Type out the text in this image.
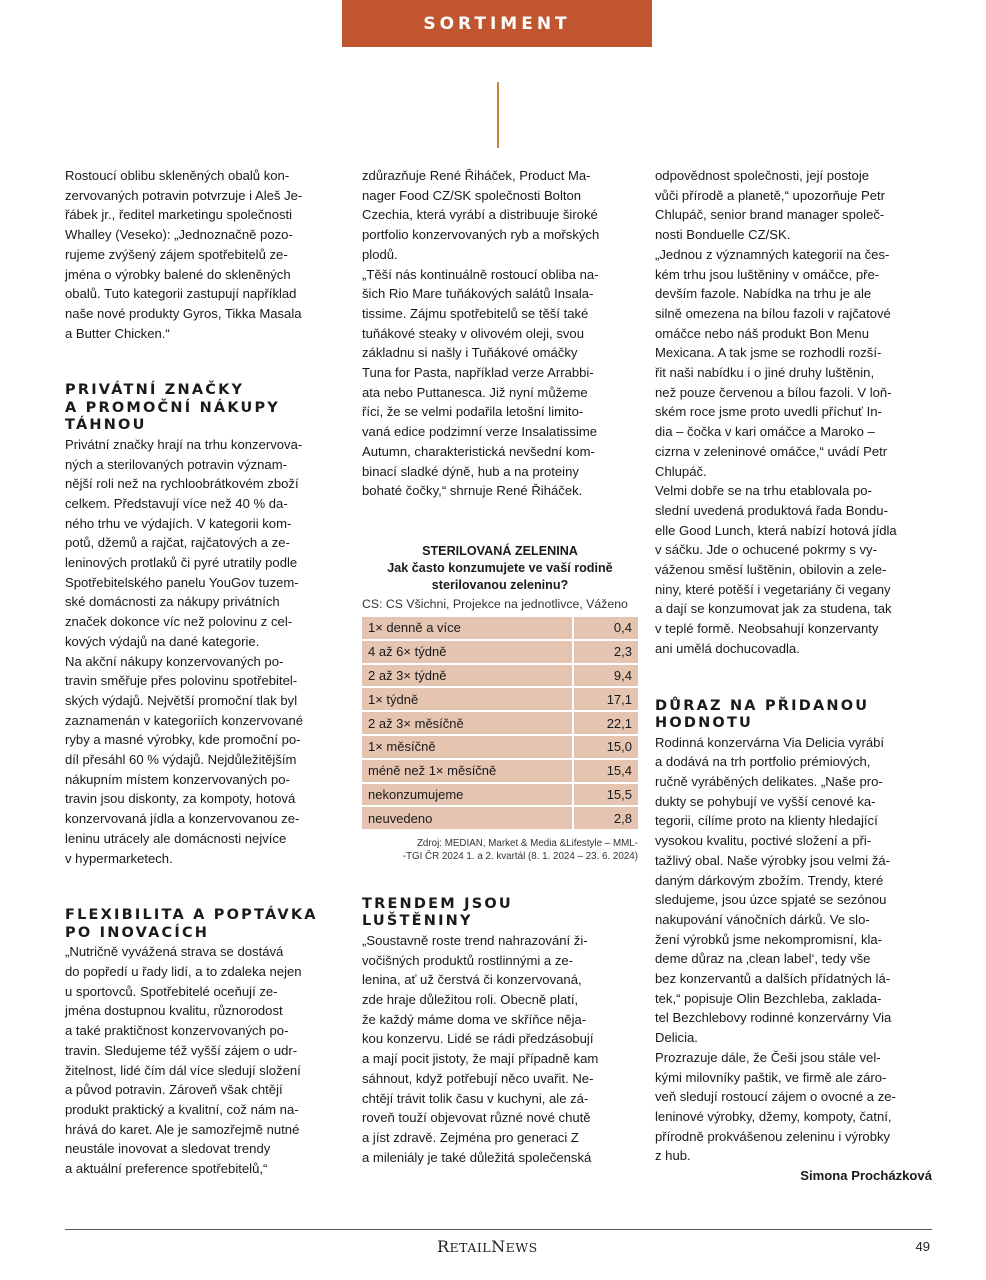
SORTIMENT
Rostoucí oblibu skleněných obalů kon-
zervovaných potravin potvrzuje i Aleš Je-
řábek jr., ředitel marketingu společnosti
Whalley (Veseko): „Jednoznačně pozo-
rujeme zvýšený zájem spotřebitelů ze-
jména o výrobky balené do skleněných
obalů. Tuto kategorii zastupují například
naše nové produkty Gyros, Tikka Masala
a Butter Chicken.“
PRIVÁTNÍ ZNAČKY
A PROMOČNÍ NÁKUPY
TÁHNOU
Privátní značky hrají na trhu konzervova-
ných a sterilovaných potravin význam-
nější roli než na rychloobrátkovém zboží
celkem. Představují více než 40 % da-
ného trhu ve výdajích. V kategorii kom-
potů, džemů a rajčat, rajčatových a ze-
leninových protlaků či pyré utratily podle
Spotřebitelského panelu YouGov tuzem-
ské domácnosti za nákupy privátních
značek dokonce víc než polovinu z cel-
kových výdajů na dané kategorie.
Na akční nákupy konzervovaných po-
travin směřuje přes polovinu spotřebitel-
ských výdajů. Největší promoční tlak byl
zaznamenán v kategoriích konzervované
ryby a masné výrobky, kde promoční po-
díl přesáhl 60 % výdajů. Nejdůležitějším
nákupním místem konzervovaných po-
travin jsou diskonty, za kompoty, hotová
konzervovaná jídla a konzervovanou ze-
leninu utrácely ale domácnosti nejvíce
v hypermarketech.
FLEXIBILITA A POPTÁVKA
PO INOVACÍCH
„Nutričně vyvážená strava se dostává
do popředí u řady lidí, a to zdaleka nejen
u sportovců. Spotřebitelé oceňují ze-
jména dostupnou kvalitu, různorodost
a také praktičnost konzervovaných po-
travin. Sledujeme též vyšší zájem o udr-
žitelnost, lidé čím dál více sledují složení
a původ potravin. Zároveň však chtějí
produkt praktický a kvalitní, což nám na-
hrává do karet. Ale je samozřejmě nutné
neustále inovovat a sledovat trendy
a aktuální preference spotřebitelů,“
zdůrazňuje René Řiháček, Product Ma-
nager Food CZ/SK společnosti Bolton
Czechia, která vyrábí a distribuuje široké
portfolio konzervovaných ryb a mořských
plodů.
„Těší nás kontinuálně rostoucí obliba na-
šich Rio Mare tuňákových salátů Insala-
tissime. Zájmu spotřebitelů se těší také
tuňákové steaky v olivovém oleji, svou
základnu si našly i Tuňákové omáčky
Tuna for Pasta, například verze Arrabbi-
ata nebo Puttanesca. Již nyní můžeme
říci, že se velmi podařila letošní limito-
vaná edice podzimní verze Insalatissime
Autumn, charakteristická nevšední kom-
binací sladké dýně, hub a na proteiny
bohaté čočky,“ shrnuje René Řiháček.
TRENDEM JSOU
LUŠTĚNINY
„Soustavně roste trend nahrazování ži-
vočišných produktů rostlinnými a ze-
lenina, ať už čerstvá či konzervovaná,
zde hraje důležitou roli. Obecně platí,
že každý máme doma ve skříňce něja-
kou konzervu. Lidé se rádi předzásobují
a mají pocit jistoty, že mají případně kam
sáhnout, když potřebují něco uvařit. Ne-
chtějí trávit tolik času v kuchyni, ale zá-
roveň touží objevovat různé nové chutě
a jíst zdravě. Zejména pro generaci Z
a mileniály je také důležitá společenská
STERILOVANÁ ZELENINA
Jak často konzumujete ve vaší rodině
sterilovanou zeleninu?
CS: CS Všichni, Projekce na jednotlivce, Váženo
1× denně a více	0,4
4 až 6× týdně	2,3
2 až 3× týdně	9,4
1× týdně	17,1
2 až 3× měsíčně	22,1
1× měsíčně	15,0
méně než 1× měsíčně	15,4
nekonzumujeme	15,5
neuvedeno	2,8
Zdroj: MEDIAN, Market & Media &Lifestyle – MML-
-TGI ČR 2024 1. a 2. kvartál (8. 1. 2024 – 23. 6. 2024)
odpovědnost společnosti, její postoje
vůči přírodě a planetě,“ upozorňuje Petr
Chlupáč, senior brand manager společ-
nosti Bonduelle CZ/SK.
„Jednou z významných kategorií na čes-
kém trhu jsou luštěniny v omáčce, pře-
devším fazole. Nabídka na trhu je ale
silně omezena na bílou fazoli v rajčatové
omáčce nebo náš produkt Bon Menu
Mexicana. A tak jsme se rozhodli rozší-
řit naši nabídku i o jiné druhy luštěnin,
než pouze červenou a bílou fazoli. V loň-
ském roce jsme proto uvedli příchuť In-
dia – čočka v kari omáčce a Maroko –
cizrna v zeleninové omáčce,“ uvádí Petr
Chlupáč.
Velmi dobře se na trhu etablovala po-
slední uvedená produktová řada Bondu-
elle Good Lunch, která nabízí hotová jídla
v sáčku. Jde o ochucené pokrmy s vy-
váženou směsí luštěnin, obilovin a zele-
niny, které potěší i vegetariány či vegany
a dají se konzumovat jak za studena, tak
v teplé formě. Neobsahují konzervanty
ani umělá dochucovadla.
DŮRAZ NA PŘIDANOU
HODNOTU
Rodinná konzervárna Via Delicia vyrábí
a dodává na trh portfolio prémiových,
ručně vyráběných delikates. „Naše pro-
dukty se pohybují ve vyšší cenové ka-
tegorii, cílíme proto na klienty hledající
vysokou kvalitu, poctivé složení a při-
tažlivý obal. Naše výrobky jsou velmi žá-
daným dárkovým zbožím. Trendy, které
sledujeme, jsou úzce spjaté se sezónou
nakupování vánočních dárků. Ve slo-
žení výrobků jsme nekompromisní, kla-
deme důraz na ‚clean label‘, tedy vše
bez konzervantů a dalších přídatných lá-
tek,“ popisuje Olin Bezchleba, zaklada-
tel Bezchlebovy rodinné konzervárny Via
Delicia.
Prozrazuje dále, že Češi jsou stále vel-
kými milovníky paštik, ve firmě ale záro-
veň sledují rostoucí zájem o ovocné a ze-
leninové výrobky, džemy, kompoty, čatní,
přírodně prokvášenou zeleninu i výrobky
z hub.
Simona Procházková
RETAILNEWS	49
